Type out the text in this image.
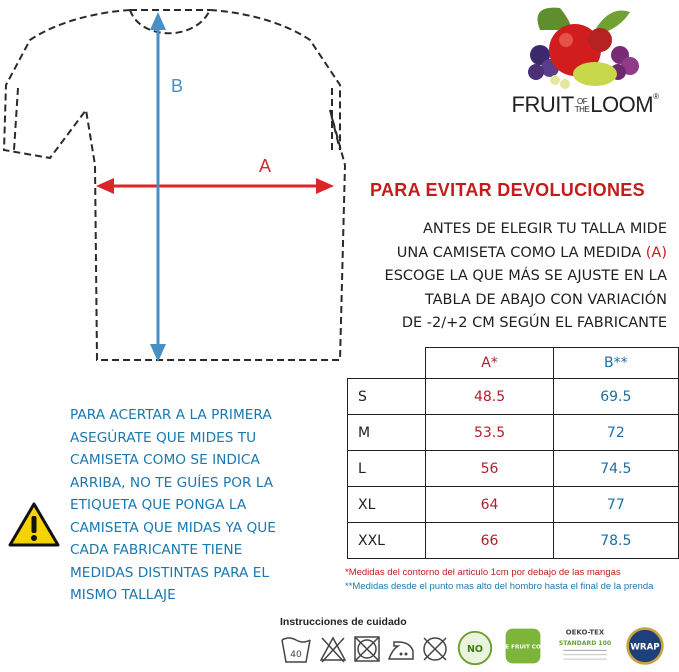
A
B
FRUIT OF
THELOOM®
PARA EVITAR DEVOLUCIONES
ANTES DE ELEGIR TU TALLA MIDE
UNA CAMISETA COMO LA MEDIDA (A)
ESCOGE LA QUE MÁS SE AJUSTE EN LA
TABLA DE ABAJO CON VARIACIÓN
DE -2/+2 CM SEGÚN EL FABRICANTE
	A*	B**
S	48.5	69.5
M	53.5	72
L	56	74.5
XL	64	77
XXL	66	78.5
PARA ACERTAR A LA PRIMERA
ASEGÚRATE QUE MIDES TU
CAMISETA COMO SE INDICA
ARRIBA, NO TE GUÍES POR LA
ETIQUETA QUE PONGA LA
CAMISETA QUE MIDAS YA QUE
CADA FABRICANTE TIENE
MEDIDAS DISTINTAS PARA EL
MISMO TALLAJE
*Medidas del contorno del articulo 1cm por debajo de las mangas
**Medidas desde el punto mas alto del hombro hasta el final de la prenda
Instrucciones de cuidado
40
NO THE FRUIT CODE
OEKO-TEX
STANDARD 100 WRAP
